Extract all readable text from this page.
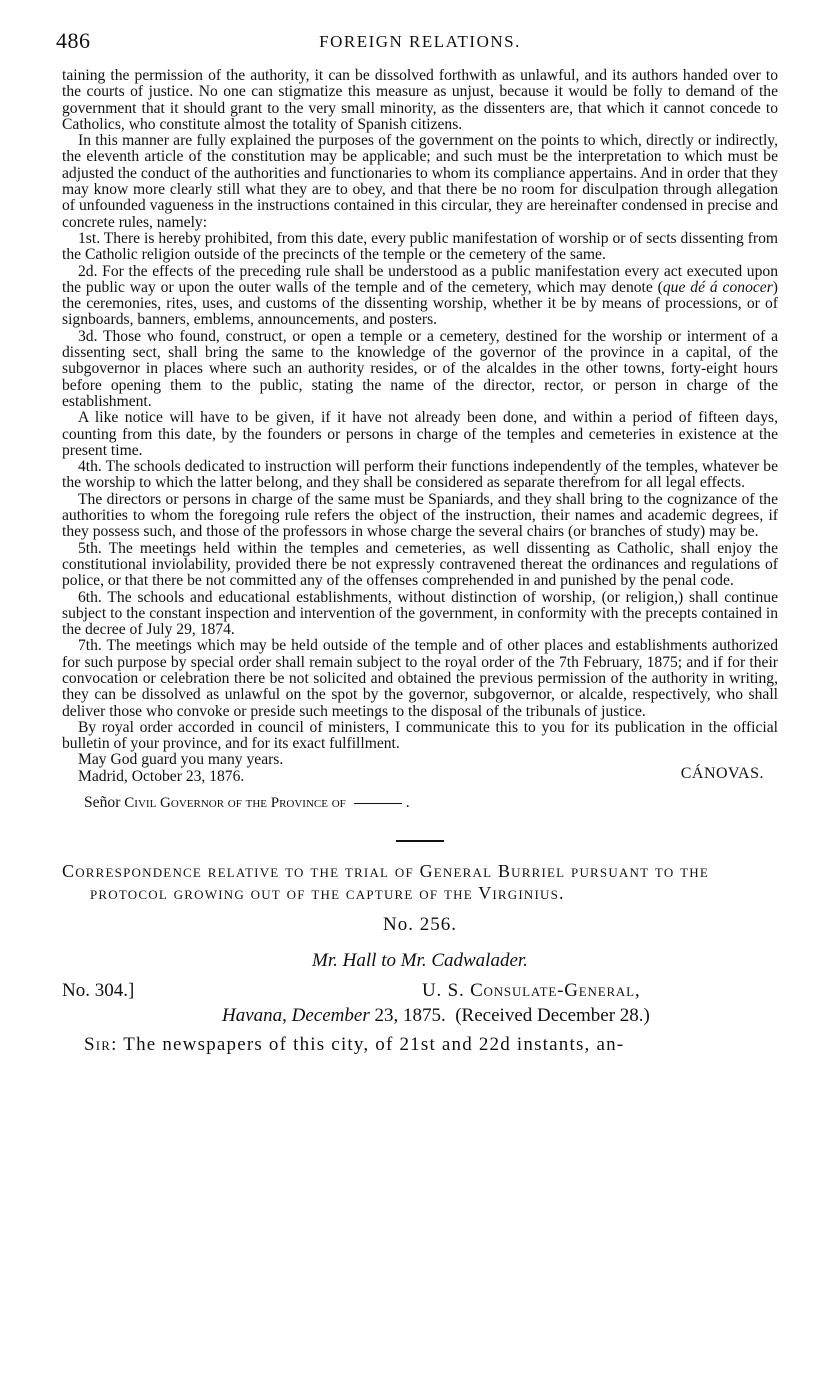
486	FOREIGN RELATIONS.

taining the permission of the authority, it can be dissolved forthwith as unlawful, and its authors handed over to the courts of justice. No one can stigmatize this measure as unjust, because it would be folly to demand of the government that it should grant to the very small minority, as the dissenters are, that which it cannot concede to Catholics, who constitute almost the totality of Spanish citizens.

In this manner are fully explained the purposes of the government on the points to which, directly or indirectly, the eleventh article of the constitution may be applicable; and such must be the interpretation to which must be adjusted the conduct of the authorities and functionaries to whom its compliance appertains. And in order that they may know more clearly still what they are to obey, and that there be no room for disculpation through allegation of unfounded vagueness in the instructions contained in this circular, they are hereinafter condensed in precise and concrete rules, namely:

1st. There is hereby prohibited, from this date, every public manifestation of worship or of sects dissenting from the Catholic religion outside of the precincts of the temple or the cemetery of the same.

2d. For the effects of the preceding rule shall be understood as a public manifestation every act executed upon the public way or upon the outer walls of the temple and of the cemetery, which may denote (que dé á conocer) the ceremonies, rites, uses, and customs of the dissenting worship, whether it be by means of processions, or of signboards, banners, emblems, announcements, and posters.

3d. Those who found, construct, or open a temple or a cemetery, destined for the worship or interment of a dissenting sect, shall bring the same to the knowledge of the governor of the province in a capital, of the subgovernor in places where such an authority resides, or of the alcaldes in the other towns, forty-eight hours before opening them to the public, stating the name of the director, rector, or person in charge of the establishment.

A like notice will have to be given, if it have not already been done, and within a period of fifteen days, counting from this date, by the founders or persons in charge of the temples and cemeteries in existence at the present time.

4th. The schools dedicated to instruction will perform their functions independently of the temples, whatever be the worship to which the latter belong, and they shall be considered as separate therefrom for all legal effects.

The directors or persons in charge of the same must be Spaniards, and they shall bring to the cognizance of the authorities to whom the foregoing rule refers the object of the instruction, their names and academic degrees, if they possess such, and those of the professors in whose charge the several chairs (or branches of study) may be.

5th. The meetings held within the temples and cemeteries, as well dissenting as Catholic, shall enjoy the constitutional inviolability, provided there be not expressly contravened thereat the ordinances and regulations of police, or that there be not committed any of the offenses comprehended in and punished by the penal code.

6th. The schools and educational establishments, without distinction of worship, (or religion,) shall continue subject to the constant inspection and intervention of the government, in conformity with the precepts contained in the decree of July 29, 1874.

7th. The meetings which may be held outside of the temple and of other places and establishments authorized for such purpose by special order shall remain subject to the royal order of the 7th February, 1875; and if for their convocation or celebration there be not solicited and obtained the previous permission of the authority in writing, they can be dissolved as unlawful on the spot by the governor, subgovernor, or alcalde, respectively, who shall deliver those who convoke or preside such meetings to the disposal of the tribunals of justice.

By royal order accorded in council of ministers, I communicate this to you for its publication in the official bulletin of your province, and for its exact fulfillment.

May God guard you many years.
Madrid, October 23, 1876.	CÁNOVAS.
Señor Civil Governor of the Province of	.
Correspondence relative to the trial of General Burriel pursuant to the protocol growing out of the capture of the Virginius.
No. 256.
Mr. Hall to Mr. Cadwalader.
No. 304.]	U. S. Consulate-General,
Havana, December 23, 1875. (Received December 28.)
Sir: The newspapers of this city, of 21st and 22d instants, an-
